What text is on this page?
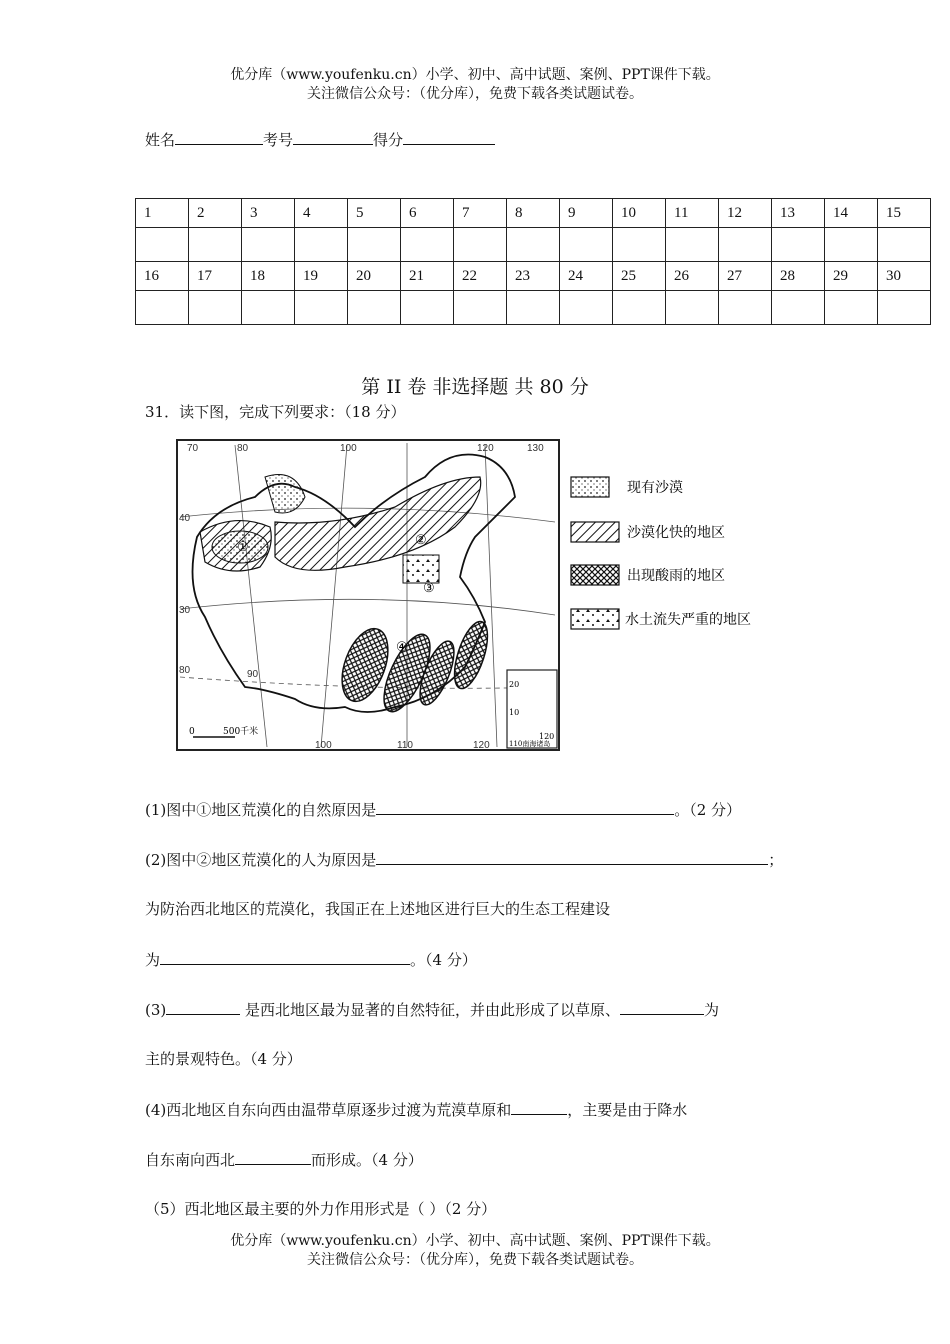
优分库（www.youfenku.cn）小学、初中、高中试题、案例、PPT课件下载。
关注微信公众号：（优分库），免费下载各类试题试卷。
姓名	考号	得分
1	2	3	4	5	6	7	8	9	10	11	12	13	14	15

16	17	18	19	20	21	22	23	24	25	26	27	28	29	30

第 II 卷 非选择题 共 80 分
31．读下图，完成下列要求：（18 分）
①	②
③
④
70	80	100	120	130
90
100	110	120
40
30
80
0	500千米
20
10
120
110南海诸岛
现有沙漠
沙漠化快的地区
出现酸雨的地区
水土流失严重的地区
(1)图中①地区荒漠化的自然原因是	。（2 分）
(2)图中②地区荒漠化的人为原因是	；
为防治西北地区的荒漠化，我国正在上述地区进行巨大的生态工程建设
为	。（4 分）
(3)	是西北地区最为显著的自然特征，并由此形成了以草原、	为
主的景观特色。（4 分）
(4)西北地区自东向西由温带草原逐步过渡为荒漠草原和	，主要是由于降水
自东南向西北	而形成。（4 分）
（5）西北地区最主要的外力作用形式是（ ）（2 分）
优分库（www.youfenku.cn）小学、初中、高中试题、案例、PPT课件下载。
关注微信公众号：（优分库），免费下载各类试题试卷。
